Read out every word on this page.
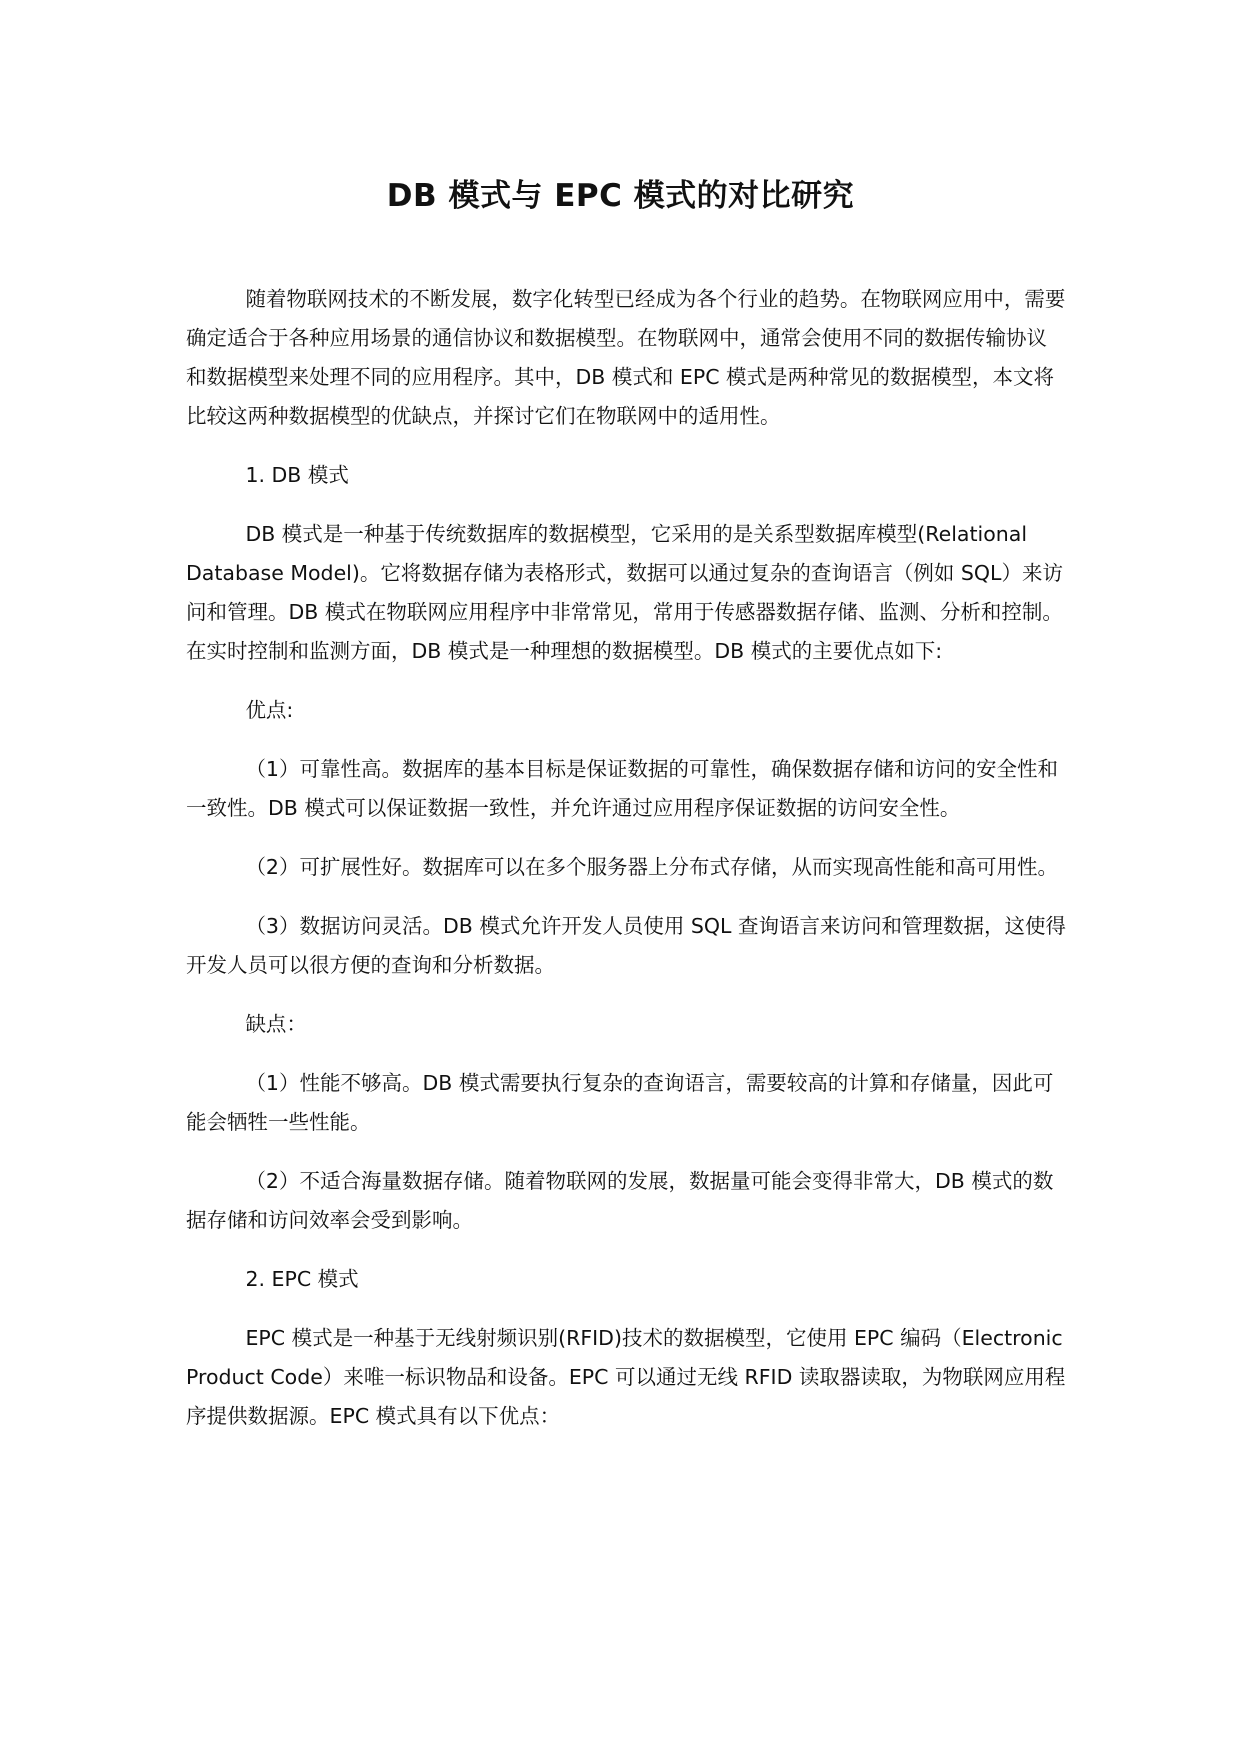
DB 模式与 EPC 模式的对比研究

随着物联网技术的不断发展，数字化转型已经成为各个行业的趋势。在物联网应用中，需要确定适合于各种应用场景的通信协议和数据模型。在物联网中，通常会使用不同的数据传输协议和数据模型来处理不同的应用程序。其中，DB 模式和 EPC 模式是两种常见的数据模型，本文将比较这两种数据模型的优缺点，并探讨它们在物联网中的适用性。

1. DB 模式

DB 模式是一种基于传统数据库的数据模型，它采用的是关系型数据库模型(Relational Database Model)。它将数据存储为表格形式，数据可以通过复杂的查询语言（例如 SQL）来访问和管理。DB 模式在物联网应用程序中非常常见，常用于传感器数据存储、监测、分析和控制。在实时控制和监测方面，DB 模式是一种理想的数据模型。DB 模式的主要优点如下:

优点:

（1）可靠性高。数据库的基本目标是保证数据的可靠性，确保数据存储和访问的安全性和一致性。DB 模式可以保证数据一致性，并允许通过应用程序保证数据的访问安全性。

（2）可扩展性好。数据库可以在多个服务器上分布式存储，从而实现高性能和高可用性。

（3）数据访问灵活。DB 模式允许开发人员使用 SQL 查询语言来访问和管理数据，这使得开发人员可以很方便的查询和分析数据。

缺点：

（1）性能不够高。DB 模式需要执行复杂的查询语言，需要较高的计算和存储量，因此可能会牺牲一些性能。

（2）不适合海量数据存储。随着物联网的发展，数据量可能会变得非常大，DB 模式的数据存储和访问效率会受到影响。

2. EPC 模式

EPC 模式是一种基于无线射频识别(RFID)技术的数据模型，它使用 EPC 编码（Electronic Product Code）来唯一标识物品和设备。EPC 可以通过无线 RFID 读取器读取，为物联网应用程序提供数据源。EPC 模式具有以下优点：
